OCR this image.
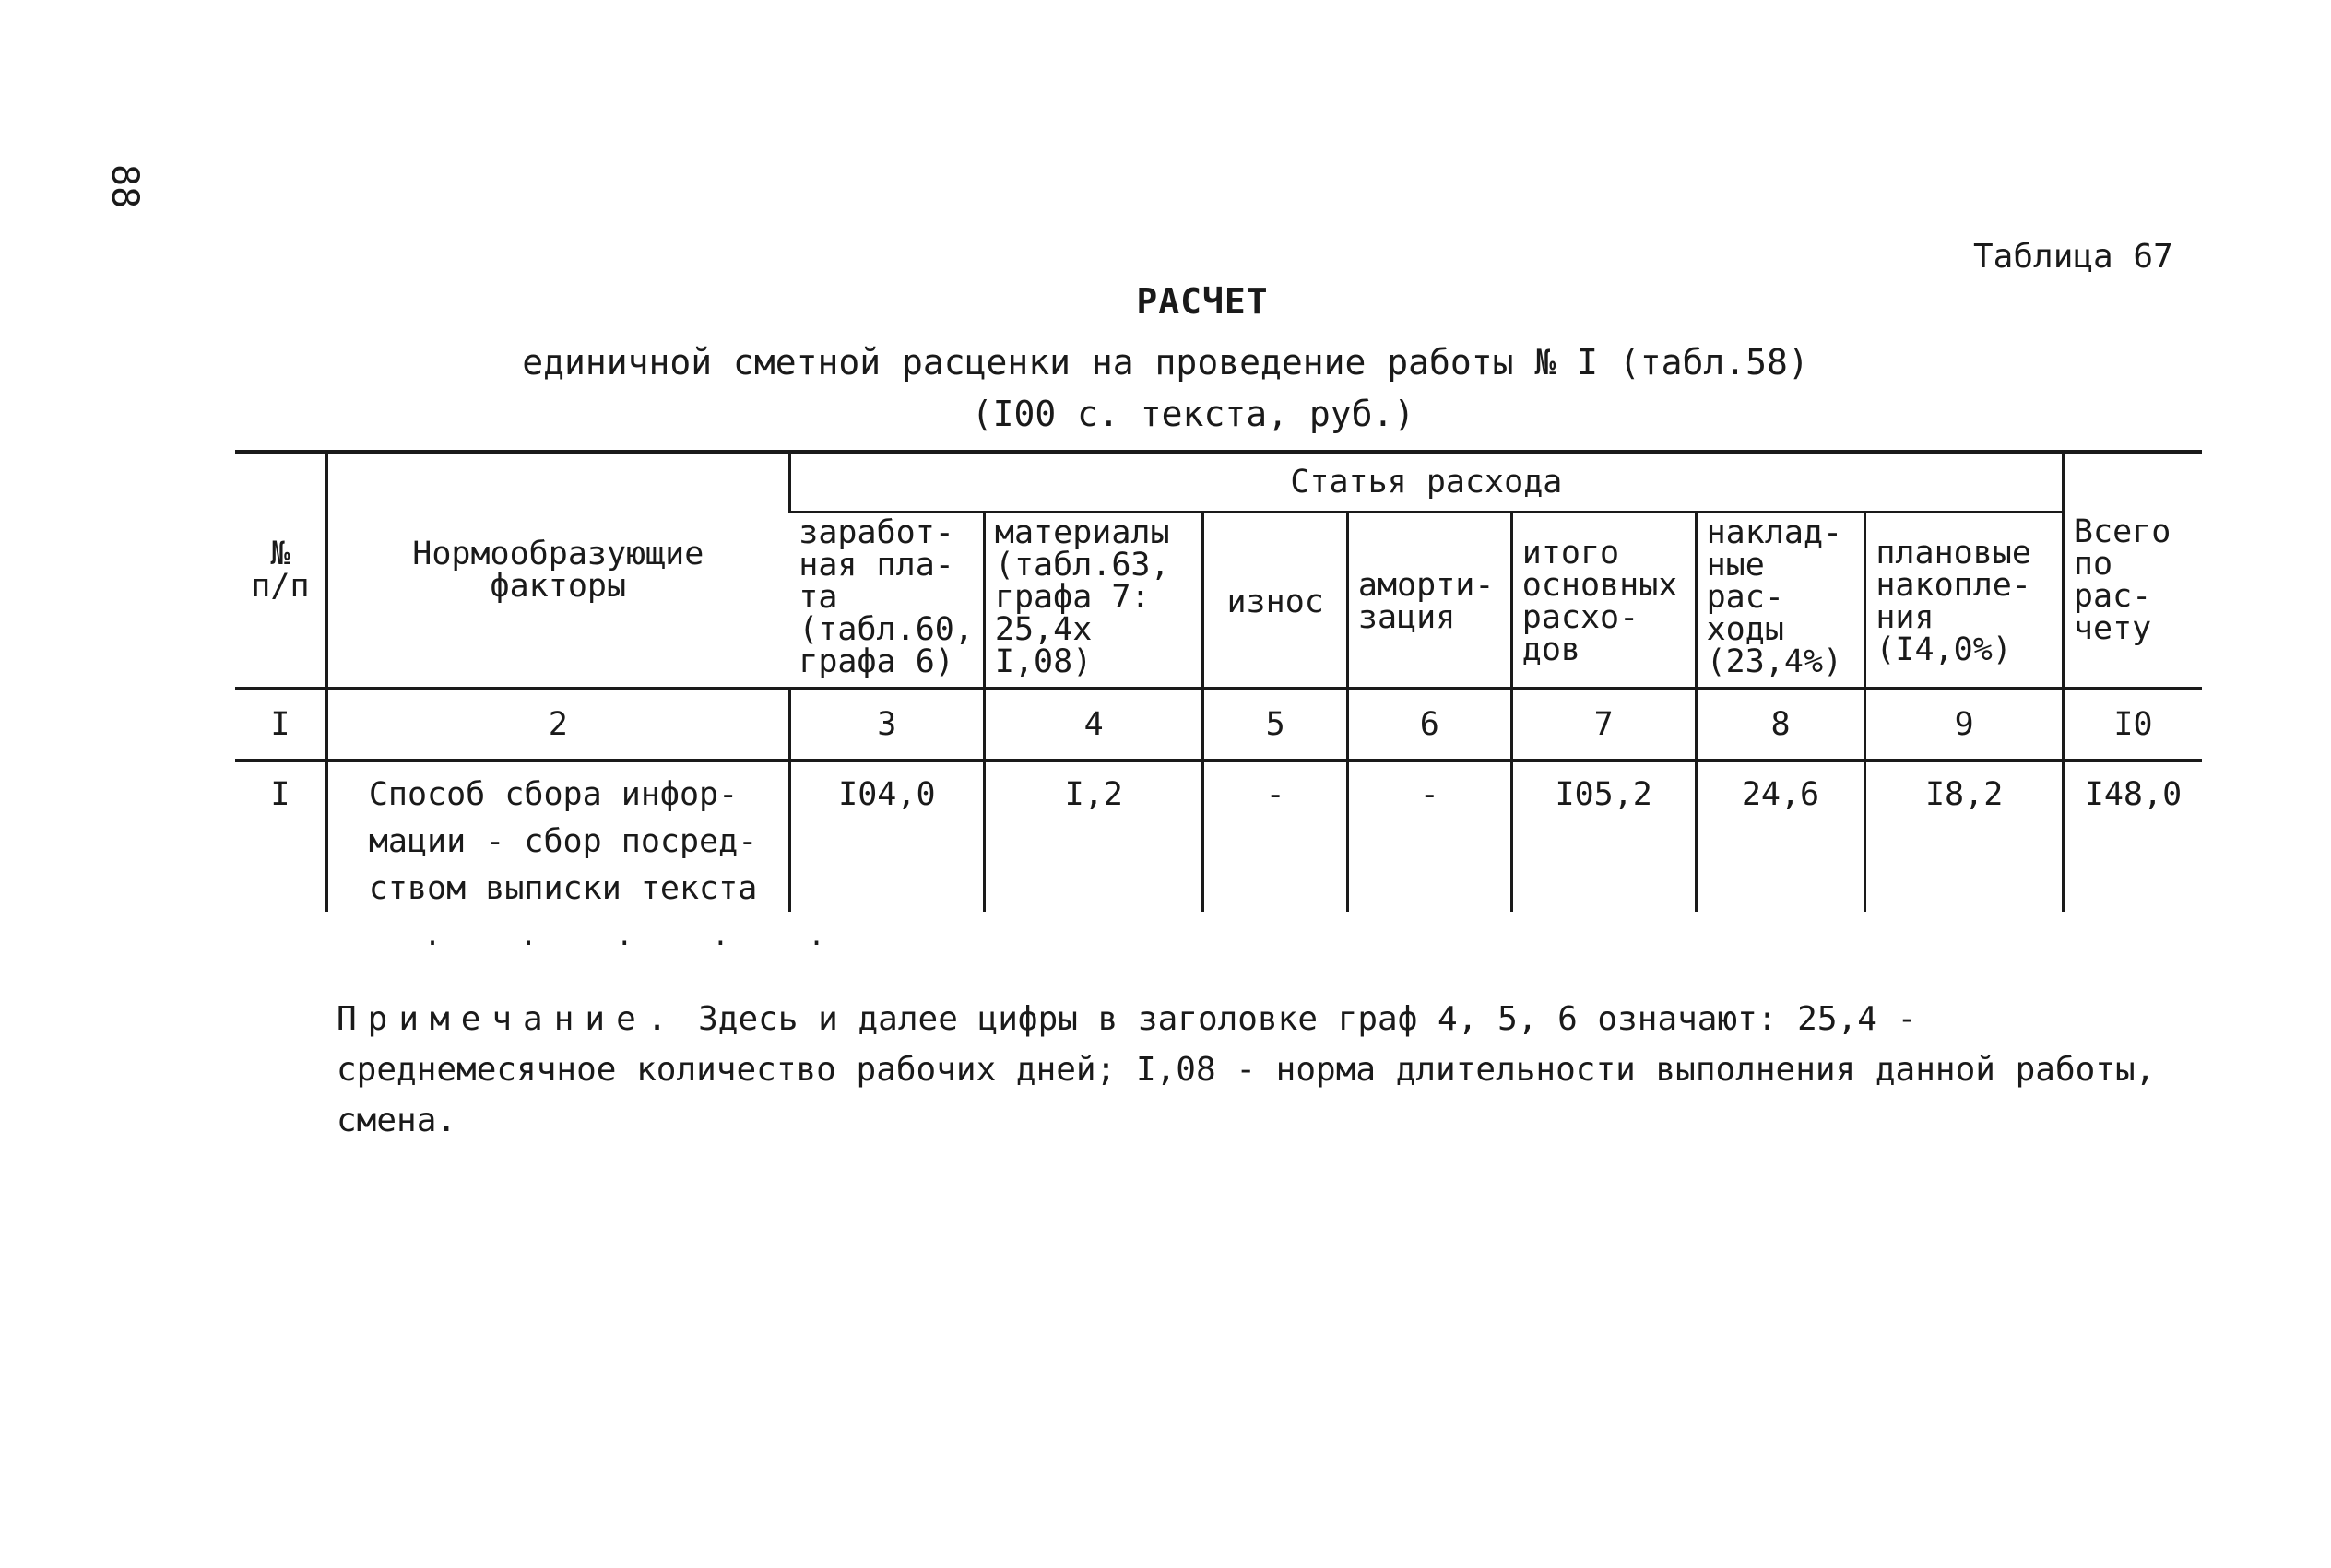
88
Таблица 67
РАСЧЕТ
единичной сметной расценки на проведение работы № I (табл.58)
(I00 с. текста, руб.)
№ п/п	Нормообразующие факторы	Статья расхода							Всего по рас-чету
		заработ-ная пла-та (табл.60, графа 6)	материалы (табл.63, графа 7: 25,4х I,08)	износ	аморти-зация	итого основных расхо-дов	наклад-ные рас-ходы (23,4%)	плановые накопле-ния (I4,0%)	
I	2	3	4	5	6	7	8	9	I0
I	Способ сбора инфор-мации - сбор посред-ством выписки текста	I04,0	I,2	-	-	I05,2	24,6	I8,2	I48,0
. . . . .
Примечание. Здесь и далее цифры в заголовке граф 4, 5, 6 означают: 25,4 - среднемесячное количество рабочих дней; I,08 - норма длительности выполнения данной работы, смена.
